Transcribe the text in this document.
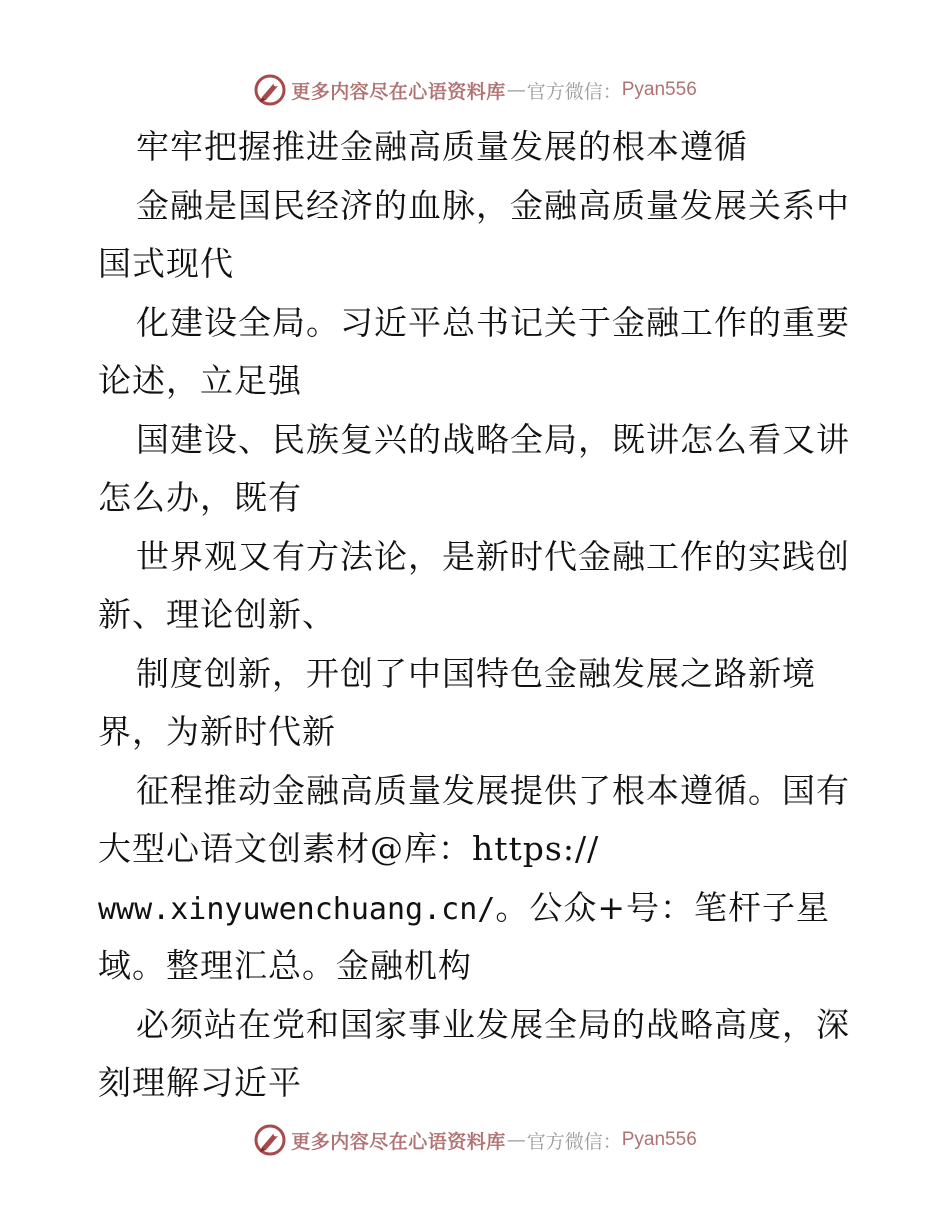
更多内容尽在心语资料库 — 官方微信： Pyan556
牢牢把握推进金融高质量发展的根本遵循
金融是国民经济的血脉，金融高质量发展关系中
国式现代
化建设全局。习近平总书记关于金融工作的重要
论述，立足强
国建设、民族复兴的战略全局，既讲怎么看又讲
怎么办，既有
世界观又有方法论，是新时代金融工作的实践创
新、理论创新、
制度创新，开创了中国特色金融发展之路新境
界，为新时代新
征程推动金融高质量发展提供了根本遵循。国有
大型心语文创素材@库：https://
www.xinyuwenchuang.cn/。公众+号：笔杆子星
域。整理汇总。金融机构
必须站在党和国家事业发展全局的战略高度，深
刻理解习近平
更多内容尽在心语资料库 — 官方微信： Pyan556
